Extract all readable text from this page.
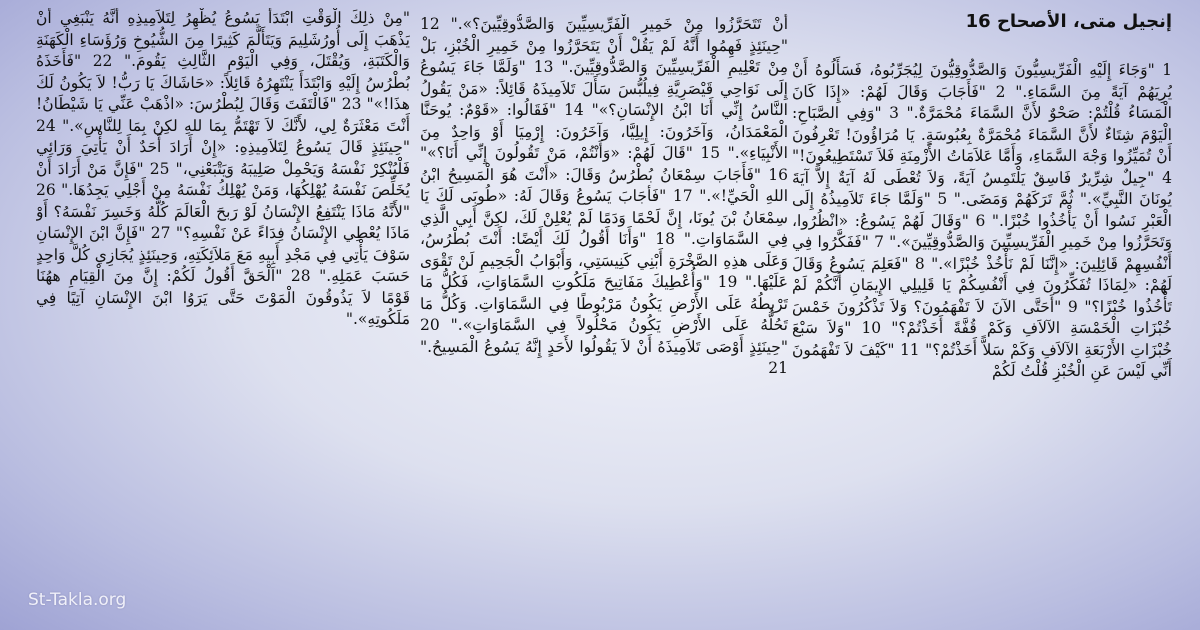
إنجيل متى، الأصحاح 16
1 "وَجَاءَ إِلَيْهِ الْفَرِّيسِيُّونَ وَالصَّدُّوقِيُّونَ لِيُجَرِّبُوهُ، فَسَأَلُوهُ أَنْ يُرِيَهُمْ آيَةً مِنَ السَّمَاءِ." 2 "فَأَجَابَ وَقَالَ لَهُمْ: «إِذَا كَانَ الْمَسَاءُ قُلْتُمْ: صَحْوٌ لأَنَّ السَّمَاءَ مُحْمَرَّةٌ." 3 "وَفِي الصَّبَاحِ: الْيَوْمَ شِتَاءٌ لأَنَّ السَّمَاءَ مُحْمَرَّةٌ بِعُبُوسَةٍ. يَا مُرَاؤُونَ! تَعْرِفُونَ أَنْ تُمَيِّزُوا وَجْهَ السَّمَاءِ، وَأَمَّا عَلاَمَاتُ الأَزْمِنَةِ فَلاَ تَسْتَطِيعُونَ!" 4 "جِيلٌ شِرِّيرٌ فَاسِقٌ يَلْتَمِسُ آيَةً، وَلاَ تُعْطَى لَهُ آيَةٌ إِلاَّ آيَةَ يُونَانَ النَّبِيِّ»." ثُمَّ تَرَكَهُمْ وَمَضَى." 5 "وَلَمَّا جَاءَ تَلاَمِيذُهُ إِلَى الْعَبْرِ نَسُوا أَنْ يَأْخُذُوا خُبْزًا." 6 "وَقَالَ لَهُمْ يَسُوعُ: «انْظُرُوا، وَتَحَرَّزُوا مِنْ خَمِيرِ الْفَرِّيسِيِّينَ وَالصَّدُّوقِيِّينَ»." 7 "فَفَكَّرُوا فِي أَنْفُسِهِمْ قَائِلِينَ: «إِنَّنَا لَمْ نَأْخُذْ خُبْزًا»." 8 "فَعَلِمَ يَسُوعُ وَقَالَ لَهُمْ: «لِمَاذَا تُفَكِّرُونَ فِي أَنْفُسِكُمْ يَا قَلِيلِي الإِيمَانِ أَنَّكُمْ لَمْ تَأْخُذُوا خُبْزًا؟" 9 "أَحَتَّى الآنَ لاَ تَفْهَمُونَ؟ وَلاَ تَذْكُرُونَ خَمْسَ خُبْزَاتِ الْخَمْسَةِ الآلاَفِ وَكَمْ قُفَّةً أَخَذْتُمْ؟" 10 "وَلاَ سَبْعَ خُبْزَاتِ الأَرْبَعَةِ الآلاَفِ وَكَمْ سَلاًّ أَخَذْتُمْ؟" 11 "كَيْفَ لاَ تَفْهَمُونَ أَنِّي لَيْسَ عَنِ الْخُبْزِ قُلْتُ لَكُمْ
أَنْ تَتَحَرَّزُوا مِنْ خَمِيرِ الْفَرِّيسِيِّينَ وَالصَّدُّوقِيِّينَ؟»." 12 "حِينَئِذٍ فَهِمُوا أَنَّهُ لَمْ يَقُلْ أَنْ يَتَحَرَّزُوا مِنْ خَمِيرِ الْخُبْزِ، بَلْ مِنْ تَعْلِيمِ الْفَرِّيسِيِّينَ وَالصَّدُّوقِيِّينَ." 13 "وَلَمَّا جَاءَ يَسُوعُ إِلَى نَوَاحِي قَيْصَرِيَّةِ فِيلُبُّسَ سَأَلَ تَلاَمِيذَهُ قَائِلاً: «مَنْ يَقُولُ النَّاسُ إِنِّي أَنَا ابْنُ الإِنْسَانِ؟»" 14 "فَقَالُوا: «قَوْمٌ: يُوحَنَّا الْمَعْمَدَانُ، وَآخَرُونَ: إِيلِيَّا، وَآخَرُونَ: إِرْمِيَا أَوْ وَاحِدٌ مِنَ الأَنْبِيَاءِ»." 15 "قَالَ لَهُمْ: «وَأَنْتُمْ، مَنْ تَقُولُونَ إِنِّي أَنَا؟»" 16 "فَأَجَابَ سِمْعَانُ بُطْرُسُ وَقَالَ: «أَنْتَ هُوَ الْمَسِيحُ ابْنُ اللهِ الْحَيِّ!»." 17 "فَأجَابَ يَسُوعُ وَقَالَ لَهُ: «طُوبَى لَكَ يَا سِمْعَانُ بْنَ يُونَا، إِنَّ لَحْمًا وَدَمًا لَمْ يُعْلِنْ لَكَ، لكِنَّ أَبِي الَّذِي فِي السَّمَاوَاتِ." 18 "وَأَنَا أَقُولُ لَكَ أَيْضًا: أَنْتَ بُطْرُسُ، وَعَلَى هذِهِ الصَّخْرَةِ أَبْنِي كَنِيسَتِي، وَأَبْوَابُ الْجَحِيمِ لَنْ تَقْوَى عَلَيْهَا." 19 "وَأُعْطِيكَ مَفَاتِيحَ مَلَكُوتِ السَّمَاوَاتِ، فَكُلُّ مَا تَرْبِطُهُ عَلَى الأَرْضِ يَكُونُ مَرْبُوطًا فِي السَّمَاوَاتِ. وَكُلُّ مَا تَحُلُّهُ عَلَى الأَرْضِ يَكُونُ مَحْلُولاً فِي السَّمَاوَاتِ»." 20 "حِينَئِذٍ أَوْصَى تَلاَمِيذَهُ أَنْ لاَ يَقُولُوا لأَحَدٍ إِنَّهُ يَسُوعُ الْمَسِيحُ." 21
"مِنْ ذلِكَ الْوَقْتِ ابْتَدَأَ يَسُوعُ يُظْهِرُ لِتَلاَمِيذِهِ أَنَّهُ يَنْبَغِي أَنْ يَذْهَبَ إِلَى أُورُشَلِيمَ وَيَتَأَلَّمَ كَثِيرًا مِنَ الشُّيُوخِ وَرُؤَسَاءِ الْكَهَنَةِ وَالْكَتَبَةِ، وَيُقْتَلَ، وَفِي الْيَوْمِ الثَّالِثِ يَقُومَ." 22 "فَأَخَذَهُ بُطْرُسُ إِلَيْهِ وَابْتَدَأَ يَنْتَهِرُهُ قَائِلاً: «حَاشَاكَ يَا رَبُّ! لاَ يَكُونُ لَكَ هذَا!»" 23 "فَالْتَفَتَ وَقَالَ لِبُطْرُسَ: «اذْهَبْ عَنِّي يَا شَيْطَانُ! أَنْتَ مَعْثَرَةٌ لِي، لأَنَّكَ لاَ تَهْتَمُّ بِمَا للهِ لكِنْ بِمَا لِلنَّاسِ»." 24 "حِينَئِذٍ قَالَ يَسُوعُ لِتَلاَمِيذِهِ: «إِنْ أَرَادَ أَحَدٌ أَنْ يَأْتِيَ وَرَائِي فَلْيُنْكِرْ نَفْسَهُ وَيَحْمِلْ صَلِيبَهُ وَيَتْبَعْنِي،" 25 "فَإِنَّ مَنْ أَرَادَ أَنْ يُخَلِّصَ نَفْسَهُ يُهْلِكُهَا، وَمَنْ يُهْلِكُ نَفْسَهُ مِنْ أَجْلِي يَجِدُهَا." 26 "لأَنَّهُ مَاذَا يَنْتَفِعُ الإِنْسَانُ لَوْ رَبحَ الْعَالَمَ كُلَّهُ وَخَسِرَ نَفْسَهُ؟ أَوْ مَاذَا يُعْطِي الإِنْسَانُ فِدَاءً عَنْ نَفْسِهِ؟" 27 "فَإِنَّ ابْنَ الإِنْسَانِ سَوْفَ يَأْتِي فِي مَجْدِ أَبِيهِ مَعَ مَلاَئِكَتِهِ، وَحِينَئِذٍ يُجَازِي كُلَّ وَاحِدٍ حَسَبَ عَمَلِهِ." 28 "اَلْحَقَّ أَقُولُ لَكُمْ: إِنَّ مِنَ الْقِيَامِ ههُنَا قَوْمًا لاَ يَذُوقُونَ الْمَوْتَ حَتَّى يَرَوُا ابْنَ الإِنْسَانِ آتِيًا فِي مَلَكُوتِهِ»."
St-Takla.org
